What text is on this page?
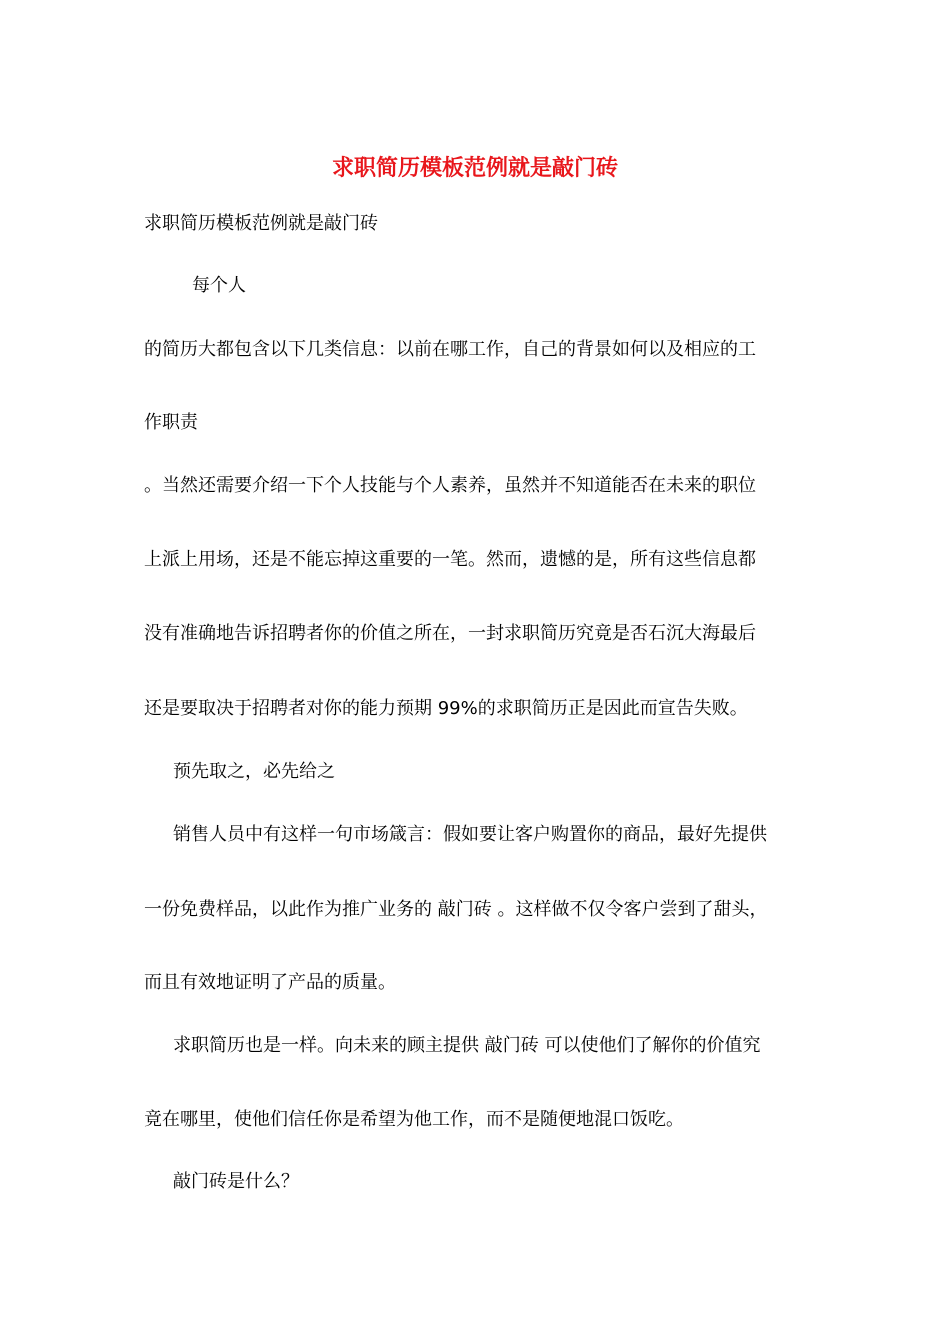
求职简历模板范例就是敲门砖

求职简历模板范例就是敲门砖

每个人

的简历大都包含以下几类信息：以前在哪工作，自己的背景如何以及相应的工

作职责

。当然还需要介绍一下个人技能与个人素养，虽然并不知道能否在未来的职位

上派上用场，还是不能忘掉这重要的一笔。然而，遗憾的是，所有这些信息都

没有准确地告诉招聘者你的价值之所在，一封求职简历究竟是否石沉大海最后

还是要取决于招聘者对你的能力预期 99%的求职简历正是因此而宣告失败。

预先取之，必先给之

销售人员中有这样一句市场箴言：假如要让客户购置你的商品，最好先提供

一份免费样品，以此作为推广业务的 敲门砖 。这样做不仅令客户尝到了甜头，

而且有效地证明了产品的质量。

求职简历也是一样。向未来的顾主提供 敲门砖 可以使他们了解你的价值究

竟在哪里，使他们信任你是希望为他工作，而不是随便地混口饭吃。

敲门砖是什么？
